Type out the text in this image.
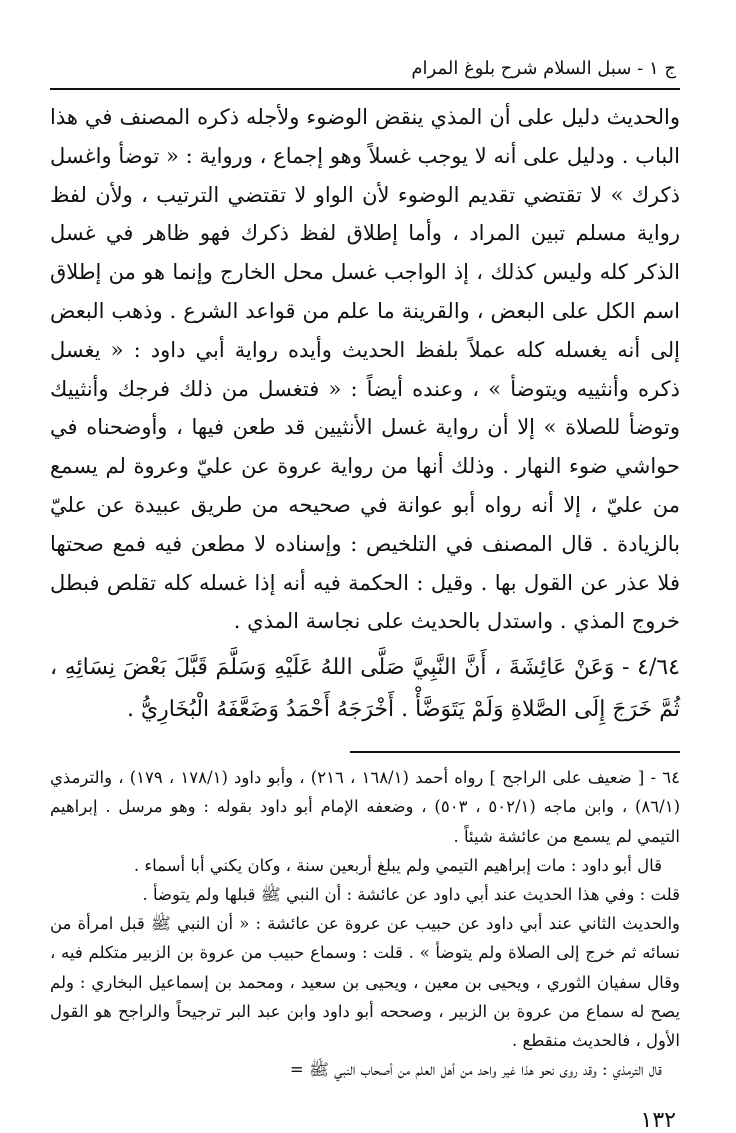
ج ١ - سبل السلام شرح بلوغ المرام

والحديث دليل على أن المذي ينقض الوضوء ولأجله ذكره المصنف في هذا الباب . ودليل على أنه لا يوجب غسلاً وهو إجماع ، ورواية : « توضأ واغسل ذكرك » لا تقتضي تقديم الوضوء لأن الواو لا تقتضي الترتيب ، ولأن لفظ رواية مسلم تبين المراد ، وأما إطلاق لفظ ذكرك فهو ظاهر في غسل الذكر كله وليس كذلك ، إذ الواجب غسل محل الخارج وإنما هو من إطلاق اسم الكل على البعض ، والقرينة ما علم من قواعد الشرع . وذهب البعض إلى أنه يغسله كله عملاً بلفظ الحديث وأيده رواية أبي داود : « يغسل ذكره وأنثييه ويتوضأ » ، وعنده أيضاً : « فتغسل من ذلك فرجك وأنثييك وتوضأ للصلاة » إلا أن رواية غسل الأنثيين قد طعن فيها ، وأوضحناه في حواشي ضوء النهار . وذلك أنها من رواية عروة عن عليّ وعروة لم يسمع من عليّ ، إلا أنه رواه أبو عوانة في صحيحه من طريق عبيدة عن عليّ بالزيادة . قال المصنف في التلخيص : وإسناده لا مطعن فيه فمع صحتها فلا عذر عن القول بها . وقيل : الحكمة فيه أنه إذا غسله كله تقلص فبطل خروج المذي . واستدل بالحديث على نجاسة المذي .

٤/٦٤ - وَعَنْ عَائِشَةَ ، أَنَّ النَّبِيَّ صَلَّى اللهُ عَلَيْهِ وَسَلَّمَ قَبَّلَ بَعْضَ نِسَائِهِ ، ثُمَّ خَرَجَ إِلَى الصَّلاةِ وَلَمْ يَتَوَضَّأْ . أَخْرَجَهُ أَحْمَدُ وَضَعَّفَهُ الْبُخَارِيُّ .

٦٤ - [ ضعيف على الراجح ] رواه أحمد (١٦٨/١ ، ٢١٦) ، وأبو داود (١٧٨/١ ، ١٧٩) ، والترمذي (٨٦/١) ، وابن ماجه (٥٠٢/١ ، ٥٠٣) ، وضعفه الإمام أبو داود بقوله : وهو مرسل . إبراهيم التيمي لم يسمع من عائشة شيئاً .

قال أبو داود : مات إبراهيم التيمي ولم يبلغ أربعين سنة ، وكان يكني أبا أسماء .

قلت : وفي هذا الحديث عند أبي داود عن عائشة : أن النبي ﷺ قبلها ولم يتوضأ .

والحديث الثاني عند أبي داود عن حبيب عن عروة عن عائشة : « أن النبي ﷺ قبل امرأة من نسائه ثم خرج إلى الصلاة ولم يتوضأ » . قلت : وسماع حبيب من عروة بن الزبير متكلم فيه ، وقال سفيان الثوري ، ويحيى بن معين ، ويحيى بن سعيد ، ومحمد بن إسماعيل البخاري : ولم يصح له سماع من عروة بن الزبير ، وصححه أبو داود وابن عبد البر ترجيحاً والراجح هو القول الأول ، فالحديث منقطع .

قال الترمذي : وقد روى نحو هذا غير واحد من أهل العلم من أصحاب النبي ﷺ =

١٣٢
